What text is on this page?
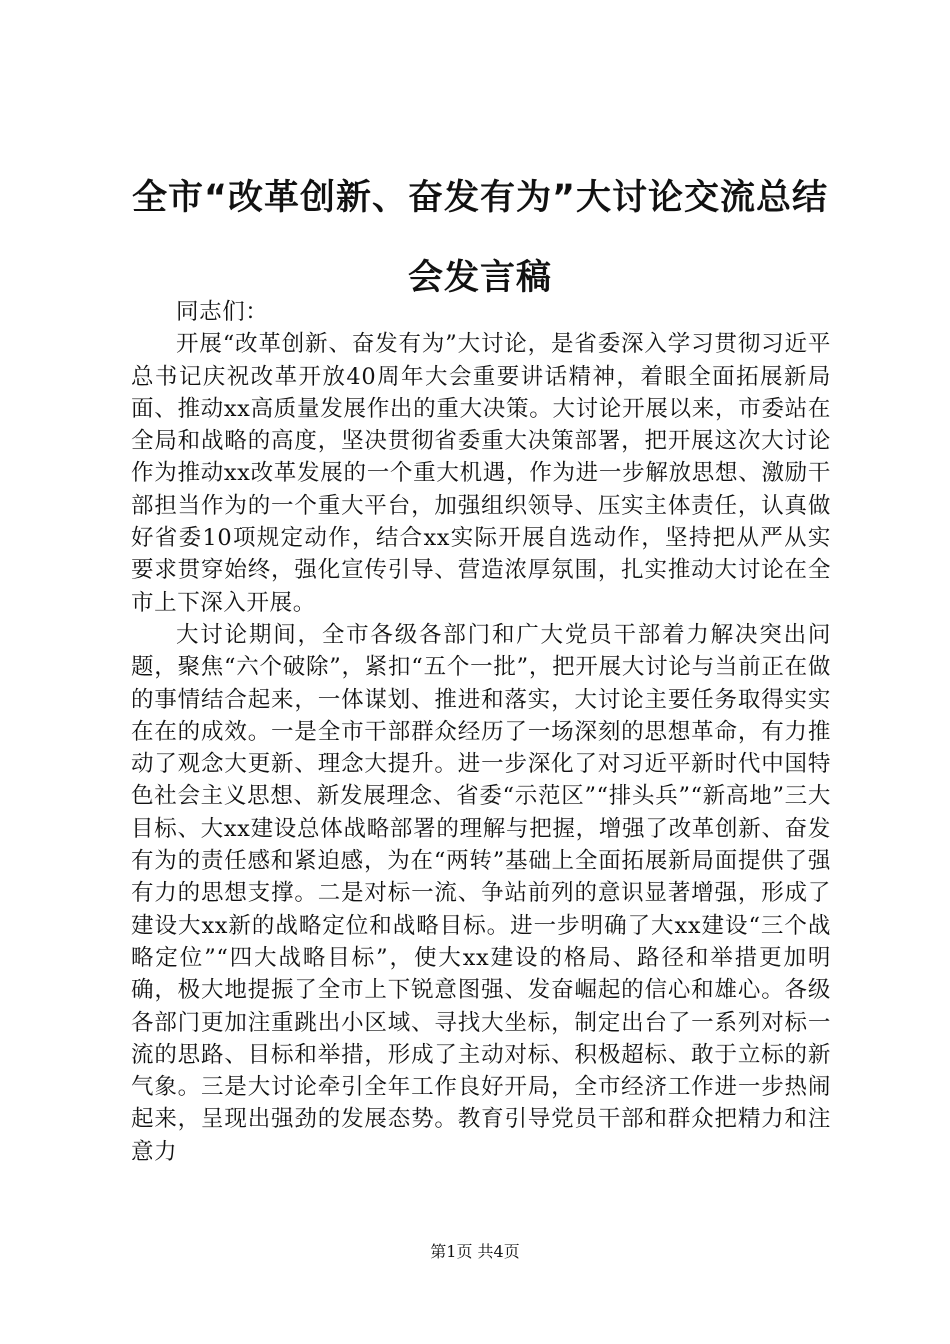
全市“改革创新、奋发有为”大讨论交流总结
会发言稿

同志们：

开展“改革创新、奋发有为”大讨论，是省委深入学习贯彻习近平总书记庆祝改革开放40周年大会重要讲话精神，着眼全面拓展新局面、推动xx高质量发展作出的重大决策。大讨论开展以来，市委站在全局和战略的高度，坚决贯彻省委重大决策部署，把开展这次大讨论作为推动xx改革发展的一个重大机遇，作为进一步解放思想、激励干部担当作为的一个重大平台，加强组织领导、压实主体责任，认真做好省委10项规定动作，结合xx实际开展自选动作，坚持把从严从实要求贯穿始终，强化宣传引导、营造浓厚氛围，扎实推动大讨论在全市上下深入开展。

大讨论期间，全市各级各部门和广大党员干部着力解决突出问题，聚焦“六个破除”，紧扣“五个一批”，把开展大讨论与当前正在做的事情结合起来，一体谋划、推进和落实，大讨论主要任务取得实实在在的成效。一是全市干部群众经历了一场深刻的思想革命，有力推动了观念大更新、理念大提升。进一步深化了对习近平新时代中国特色社会主义思想、新发展理念、省委“示范区”“排头兵”“新高地”三大目标、大xx建设总体战略部署的理解与把握，增强了改革创新、奋发有为的责任感和紧迫感，为在“两转”基础上全面拓展新局面提供了强有力的思想支撑。二是对标一流、争站前列的意识显著增强，形成了建设大xx新的战略定位和战略目标。进一步明确了大xx建设“三个战略定位”“四大战略目标”，使大xx建设的格局、路径和举措更加明确，极大地提振了全市上下锐意图强、发奋崛起的信心和雄心。各级各部门更加注重跳出小区域、寻找大坐标，制定出台了一系列对标一流的思路、目标和举措，形成了主动对标、积极超标、敢于立标的新气象。三是大讨论牵引全年工作良好开局，全市经济工作进一步热闹起来，呈现出强劲的发展态势。教育引导党员干部和群众把精力和注意力

第1页 共4页
